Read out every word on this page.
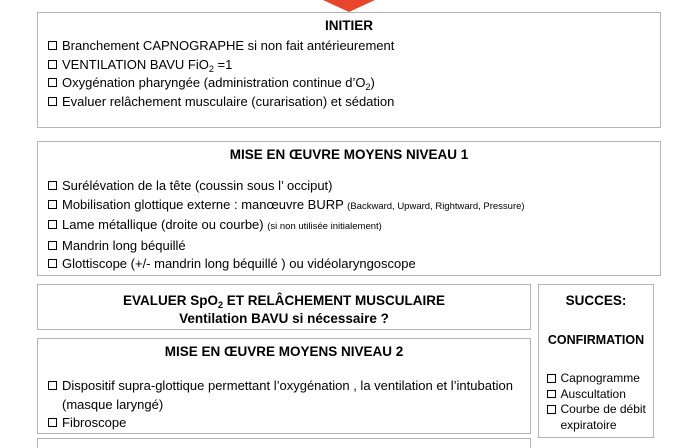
INITIER
Branchement CAPNOGRAPHE si non fait antérieurement
VENTILATION BAVU FiO$_2$ =1
Oxygénation pharyngée (administration continue $d’O_2$)
Evaluer relâchement musculaire (curarisation) et sédation
MISE EN ŒUVRE MOYENS NIVEAU 1
Surélévation de la tête (coussin sous l’ occiput)
Mobilisation glottique externe : manœuvre BURP (Backward, Upward, Rightward, Pressure)
Lame métallique (droite ou courbe) (si non utilisée initialement)
Mandrin long béquillé
Glottiscope (+/- mandrin long béquillé ) ou vidéolaryngoscope
EVALUER SpO$_2$ ET RELÂCHEMENT MUSCULAIRE
Ventilation BAVU si nécessaire ?
MISE EN ŒUVRE MOYENS NIVEAU 2
Dispositif supra-glottique permettant l’oxygénation , la ventilation et l’intubation (masque laryngé)
Fibroscope
SUCCES:
CONFIRMATION
Capnogramme
Auscultation
Courbe de débit expiratoire
